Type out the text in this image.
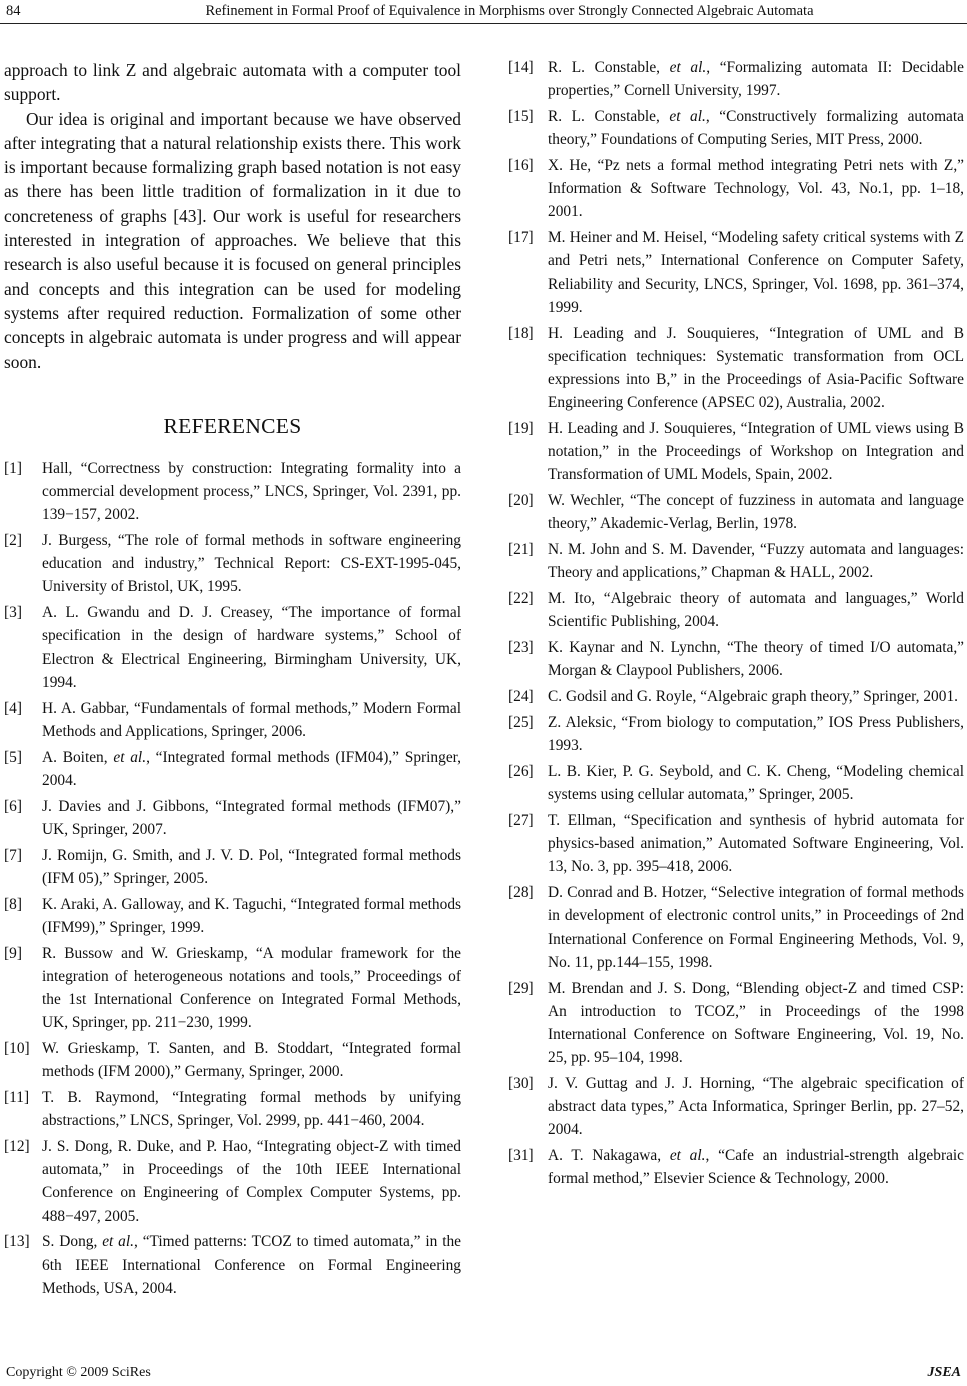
84	Refinement in Formal Proof of Equivalence in Morphisms over Strongly Connected Algebraic Automata

approach to link Z and algebraic automata with a computer tool support.

Our idea is original and important because we have observed after integrating that a natural relationship exists there. This work is important because formalizing graph based notation is not easy as there has been little tradition of formalization in it due to concreteness of graphs [43]. Our work is useful for researchers interested in integration of approaches. We believe that this research is also useful because it is focused on general principles and concepts and this integration can be used for modeling systems after required reduction. Formalization of some other concepts in algebraic automata is under progress and will appear soon.

REFERENCES
[1]	Hall, “Correctness by construction: Integrating formality into a commercial development process,” LNCS, Springer, Vol. 2391, pp. 139−157, 2002.
[2]	J. Burgess, “The role of formal methods in software engineering education and industry,” Technical Report: CS-EXT-1995-045, University of Bristol, UK, 1995.
[3]	A. L. Gwandu and D. J. Creasey, “The importance of formal specification in the design of hardware systems,” School of Electron & Electrical Engineering, Birmingham University, UK, 1994.
[4]	H. A. Gabbar, “Fundamentals of formal methods,” Modern Formal Methods and Applications, Springer, 2006.
[5]	A. Boiten, et al., “Integrated formal methods (IFM04),” Springer, 2004.
[6]	J. Davies and J. Gibbons, “Integrated formal methods (IFM07),” UK, Springer, 2007.
[7]	J. Romijn, G. Smith, and J. V. D. Pol, “Integrated formal methods (IFM 05),” Springer, 2005.
[8]	K. Araki, A. Galloway, and K. Taguchi, “Integrated formal methods (IFM99),” Springer, 1999.
[9]	R. Bussow and W. Grieskamp, “A modular framework for the integration of heterogeneous notations and tools,” Proceedings of the 1st International Conference on Integrated Formal Methods, UK, Springer, pp. 211−230, 1999.
[10] W. Grieskamp, T. Santen, and B. Stoddart, “Integrated formal methods (IFM 2000),” Germany, Springer, 2000.
[11] T. B. Raymond, “Integrating formal methods by unifying abstractions,” LNCS, Springer, Vol. 2999, pp. 441−460, 2004.
[12] J. S. Dong, R. Duke, and P. Hao, “Integrating object-Z with timed automata,” in Proceedings of the 10th IEEE International Conference on Engineering of Complex Computer Systems, pp. 488−497, 2005.
[13] S. Dong, et al., “Timed patterns: TCOZ to timed automata,” in the 6th IEEE International Conference on Formal Engineering Methods, USA, 2004.
[14] R. L. Constable, et al., “Formalizing automata II: Decidable properties,” Cornell University, 1997.
[15] R. L. Constable, et al., “Constructively formalizing automata theory,” Foundations of Computing Series, MIT Press, 2000.
[16] X. He, “Pz nets a formal method integrating Petri nets with Z,” Information & Software Technology, Vol. 43, No.1, pp. 1–18, 2001.
[17] M. Heiner and M. Heisel, “Modeling safety critical systems with Z and Petri nets,” International Conference on Computer Safety, Reliability and Security, LNCS, Springer, Vol. 1698, pp. 361–374, 1999.
[18] H. Leading and J. Souquieres, “Integration of UML and B specification techniques: Systematic transformation from OCL expressions into B,” in the Proceedings of Asia-Pacific Software Engineering Conference (APSEC 02), Australia, 2002.
[19] H. Leading and J. Souquieres, “Integration of UML views using B notation,” in the Proceedings of Workshop on Integration and Transformation of UML Models, Spain, 2002.
[20] W. Wechler, “The concept of fuzziness in automata and language theory,” Akademic-Verlag, Berlin, 1978.
[21] N. M. John and S. M. Davender, “Fuzzy automata and languages: Theory and applications,” Chapman & HALL, 2002.
[22] M. Ito, “Algebraic theory of automata and languages,” World Scientific Publishing, 2004.
[23] K. Kaynar and N. Lynchn, “The theory of timed I/O automata,” Morgan & Claypool Publishers, 2006.
[24] C. Godsil and G. Royle, “Algebraic graph theory,” Springer, 2001.
[25] Z. Aleksic, “From biology to computation,” IOS Press Publishers, 1993.
[26] L. B. Kier, P. G. Seybold, and C. K. Cheng, “Modeling chemical systems using cellular automata,” Springer, 2005.
[27] T. Ellman, “Specification and synthesis of hybrid automata for physics-based animation,” Automated Software Engineering, Vol. 13, No. 3, pp. 395–418, 2006.
[28] D. Conrad and B. Hotzer, “Selective integration of formal methods in development of electronic control units,” in Proceedings of 2nd International Conference on Formal Engineering Methods, Vol. 9, No. 11, pp.144–155, 1998.
[29] M. Brendan and J. S. Dong, “Blending object-Z and timed CSP: An introduction to TCOZ,” in Proceedings of the 1998 International Conference on Software Engineering, Vol. 19, No. 25, pp. 95–104, 1998.
[30] J. V. Guttag and J. J. Horning, “The algebraic specification of abstract data types,” Acta Informatica, Springer Berlin, pp. 27–52, 2004.
[31] A. T. Nakagawa, et al., “Cafe an industrial-strength algebraic formal method,” Elsevier Science & Technology, 2000.
Copyright © 2009 SciRes	JSEA
